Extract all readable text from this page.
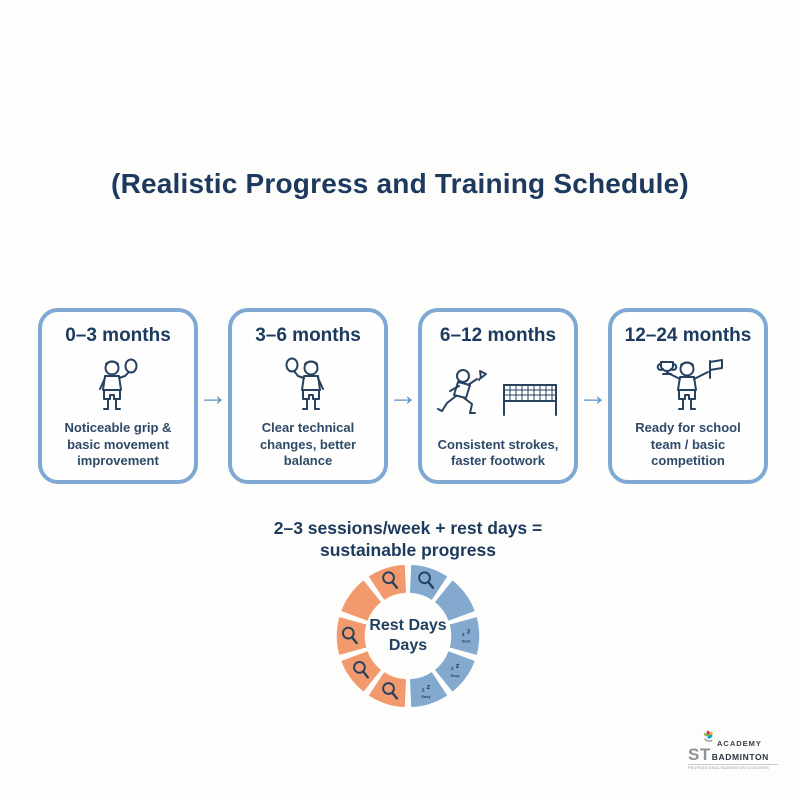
(Realistic Progress and Training Schedule)
0–3 months
Noticeable grip & basic movement improvement
→
3–6 months
Clear technical changes, better balance
→
6–12 months
Consistent strokes, faster footwork
→
12–24 months
Ready for school team / basic competition
2–3 sessions/week + rest days =
sustainable progress
z z
Rest
z z
Easy
z z
Easy
Rest Days
Days
ACADEMY
ST BADMINTON
PROFESSIONAL BADMINTON COACHING
